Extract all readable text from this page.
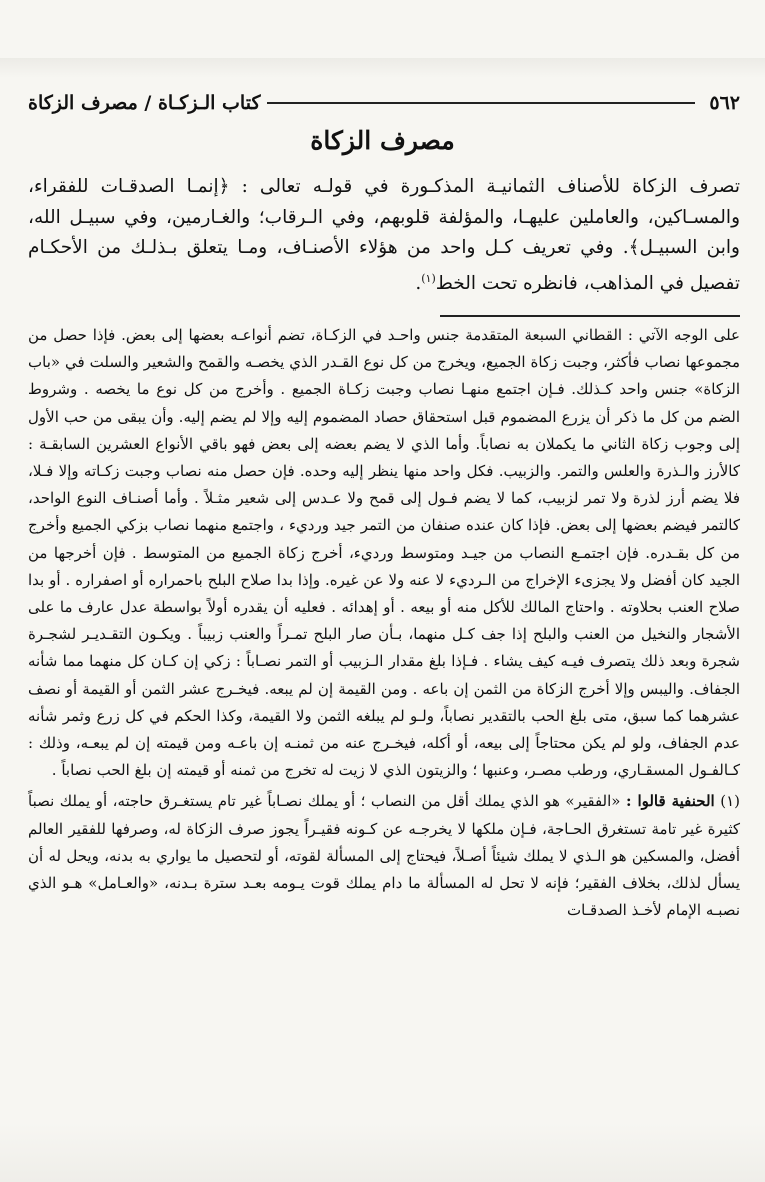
٥٦٢
كتاب الـزكـاة / مصرف الزكاة
مصرف الزكاة

تصرف الزكاة للأصناف الثمانيـة المذكـورة في قولـه تعالى : ﴿إنمـا الصدقـات للفقراء، والمسـاكين، والعاملين عليهـا، والمؤلفة قلوبهم، وفي الـرقاب؛ والغـارمين، وفي سبيـل الله، وابن السبيـل﴾. وفي تعريف كـل واحد من هؤلاء الأصنـاف، ومـا يتعلق بـذلـك من الأحكـام تفصيل في المذاهب، فانظره تحت الخط$^{(١)}$.

على الوجه الآتي : القطاني السبعة المتقدمة جنس واحـد في الزكـاة، تضم أنواعـه بعضها إلى بعض. فإذا حصل من مجموعها نصاب فأكثر، وجبت زكاة الجميع، ويخرج من كل نوع القـدر الذي يخصـه والقمح والشعير والسلت في «باب الزكاة» جنس واحد كـذلك. فـإن اجتمع منهـا نصاب وجبت زكـاة الجميع . وأخرج من كل نوع ما يخصه . وشروط الضم من كل ما ذكر أن يزرع المضموم قبل استحقاق حصاد المضموم إليه وإلا لم يضم إليه. وأن يبقى من حب الأول إلى وجوب زكاة الثاني ما يكملان به نصاباً. وأما الذي لا يضم بعضه إلى بعض فهو باقي الأنواع العشرين السابقـة : كالأرز والـذرة والعلس والتمر. والزبيب. فكل واحد منها ينظر إليه وحده. فإن حصل منه نصاب وجبت زكـاته وإلا فـلا، فلا يضم أرز لذرة ولا تمر لزبيب، كما لا يضم فـول إلى قمح ولا عـدس إلى شعير مثـلاً . وأما أصنـاف النوع الواحد، كالتمر فيضم بعضها إلى بعض. فإذا كان عنده صنفان من التمر جيد ورديء ، واجتمع منهما نصاب بزكي الجميع وأخرج من كل بقـدره. فإن اجتمـع النصاب من جيـد ومتوسط ورديء، أخرج زكاة الجميع من المتوسط . فإن أخرجها من الجيد كان أفضل ولا يجزىء الإخراج من الـرديء لا عنه ولا عن غيره. وإذا بدا صلاح البلح باحمراره أو اصفراره . أو بدا صلاح العنب بحلاوته . واحتاج المالك للأكل منه أو بيعه . أو إهدائه . فعليه أن يقدره أولاً بواسطة عدل عارف ما على الأشجار والنخيل من العنب والبلح إذا جف كـل منهما، بـأن صار البلح تمـراً والعنب زبيباً . ويكـون التقـديـر لشجـرة شجرة وبعد ذلك يتصرف فيـه كيف يشاء . فـإذا بلغ مقدار الـزبيب أو التمر نصـاباً : زكي إن كـان كل منهما مما شأنه الجفاف. واليبس وإلا أخرج الزكاة من الثمن إن باعه . ومن القيمة إن لم يبعه. فيخـرج عشر الثمن أو القيمة أو نصف عشرهما كما سبق، متى بلغ الحب بالتقدير نصاباً، ولـو لم يبلغه الثمن ولا القيمة، وكذا الحكم في كل زرع وثمر شأنه عدم الجفاف، ولو لم يكن محتاجاً إلى بيعه، أو أكله، فيخـرج عنه من ثمنـه إن باعـه ومن قيمته إن لم يبعـه، وذلك : كـالفـول المسقـاري، ورطب مصـر، وعنبها ؛ والزيتون الذي لا زيت له تخرج من ثمنه أو قيمته إن بلغ الحب نصاباً .

(١) الحنفية قالوا : «الفقير» هو الذي يملك أقل من النصاب ؛ أو يملك نصـاباً غير تام يستغـرق حاجته، أو يملك نصباً كثيرة غير تامة تستغرق الحـاجة، فـإن ملكها لا يخرجـه عن كـونه فقيـراً يجوز صرف الزكاة له، وصرفها للفقير العالم أفضل، والمسكين هو الـذي لا يملك شيئاً أصـلاً، فيحتاج إلى المسألة لقوته، أو لتحصيل ما يواري به بدنه، ويحل له أن يسأل لذلك، بخلاف الفقير؛ فإنه لا تحل له المسألة ما دام يملك قوت يـومه بعـد سترة بـدنه، «والعـامل» هـو الذي نصبـه الإمام لأخـذ الصدقـات
